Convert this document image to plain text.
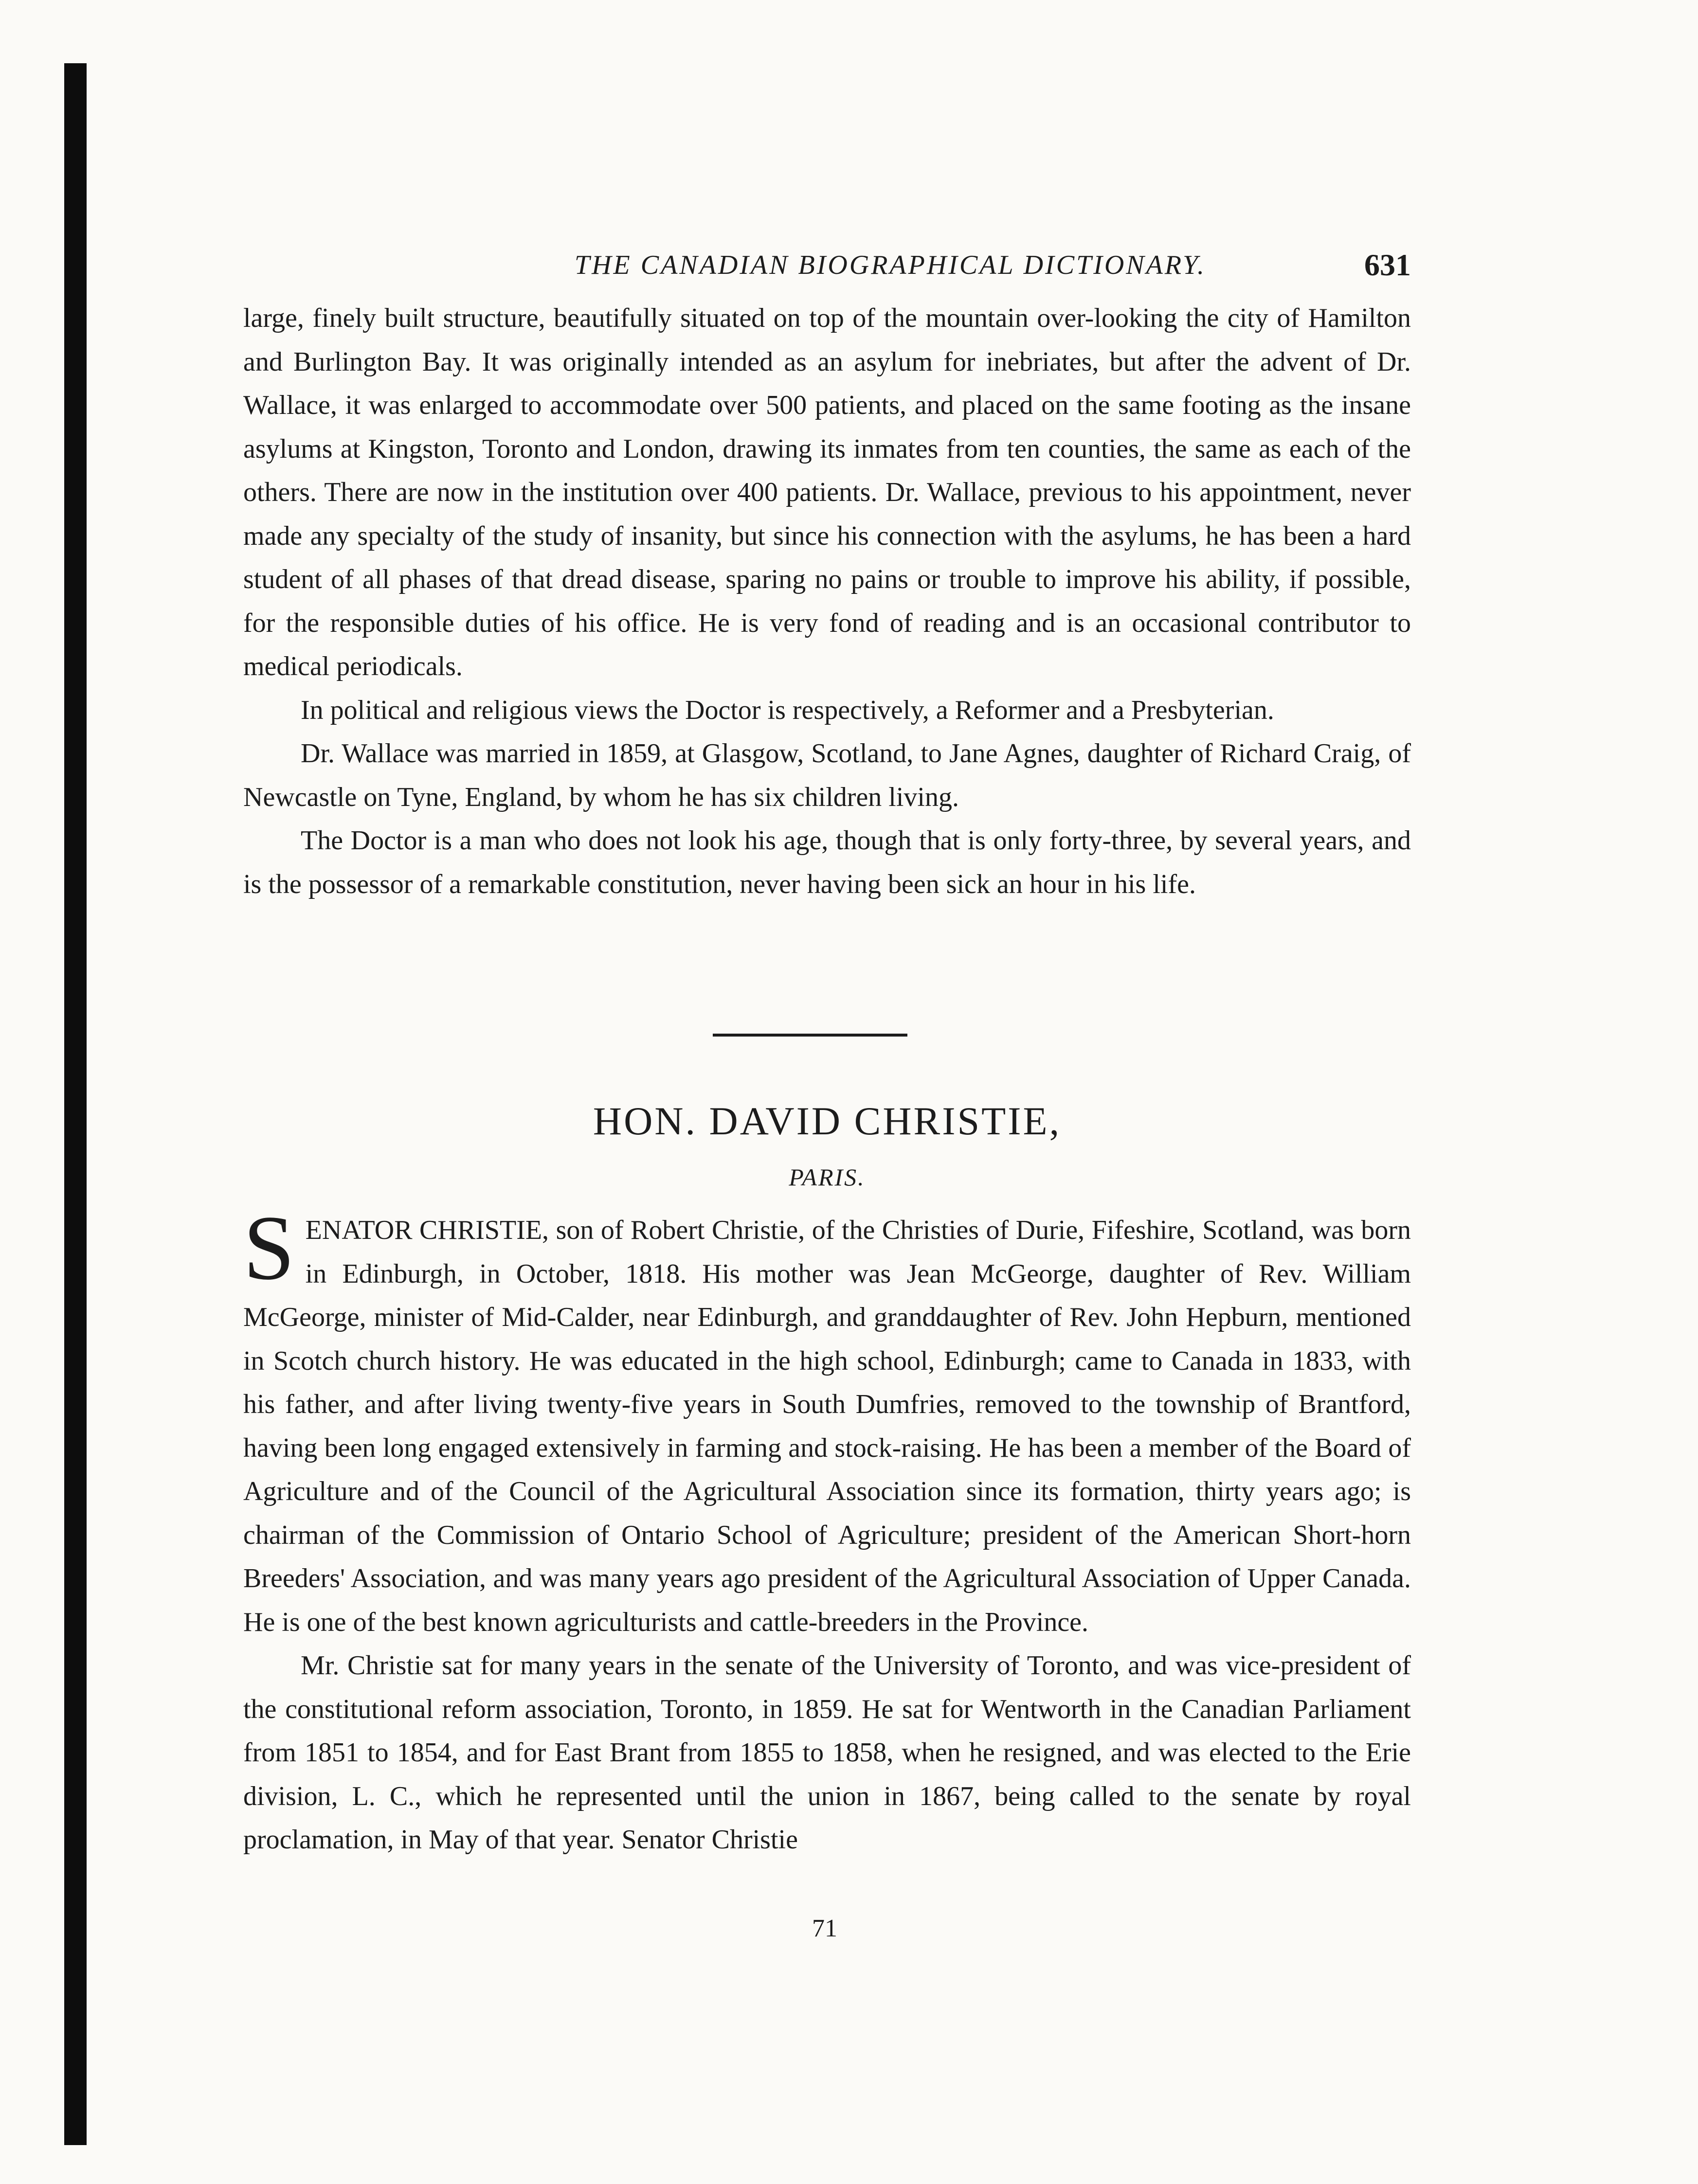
THE CANADIAN BIOGRAPHICAL DICTIONARY.	631

large, finely built structure, beautifully situated on top of the mountain over-looking the city of Hamilton and Burlington Bay. It was originally intended as an asylum for inebriates, but after the advent of Dr. Wallace, it was enlarged to accommodate over 500 patients, and placed on the same footing as the insane asylums at Kingston, Toronto and London, drawing its inmates from ten counties, the same as each of the others. There are now in the institution over 400 patients. Dr. Wallace, previous to his appointment, never made any specialty of the study of insanity, but since his connection with the asylums, he has been a hard student of all phases of that dread disease, sparing no pains or trouble to improve his ability, if possible, for the responsible duties of his office. He is very fond of reading and is an occasional contributor to medical periodicals.

In political and religious views the Doctor is respectively, a Reformer and a Presbyterian.

Dr. Wallace was married in 1859, at Glasgow, Scotland, to Jane Agnes, daughter of Richard Craig, of Newcastle on Tyne, England, by whom he has six children living.

The Doctor is a man who does not look his age, though that is only forty-three, by several years, and is the possessor of a remarkable constitution, never having been sick an hour in his life.

HON. DAVID CHRISTIE,
PARIS.

SENATOR CHRISTIE, son of Robert Christie, of the Christies of Durie, Fifeshire, Scotland, was born in Edinburgh, in October, 1818. His mother was Jean McGeorge, daughter of Rev. William McGeorge, minister of Mid-Calder, near Edinburgh, and granddaughter of Rev. John Hepburn, mentioned in Scotch church history. He was educated in the high school, Edinburgh; came to Canada in 1833, with his father, and after living twenty-five years in South Dumfries, removed to the township of Brantford, having been long engaged extensively in farming and stock-raising. He has been a member of the Board of Agriculture and of the Council of the Agricultural Association since its formation, thirty years ago; is chairman of the Commission of Ontario School of Agriculture; president of the American Short-horn Breeders' Association, and was many years ago president of the Agricultural Association of Upper Canada. He is one of the best known agriculturists and cattle-breeders in the Province.

Mr. Christie sat for many years in the senate of the University of Toronto, and was vice-president of the constitutional reform association, Toronto, in 1859. He sat for Wentworth in the Canadian Parliament from 1851 to 1854, and for East Brant from 1855 to 1858, when he resigned, and was elected to the Erie division, L. C., which he represented until the union in 1867, being called to the senate by royal proclamation, in May of that year. Senator Christie

71
